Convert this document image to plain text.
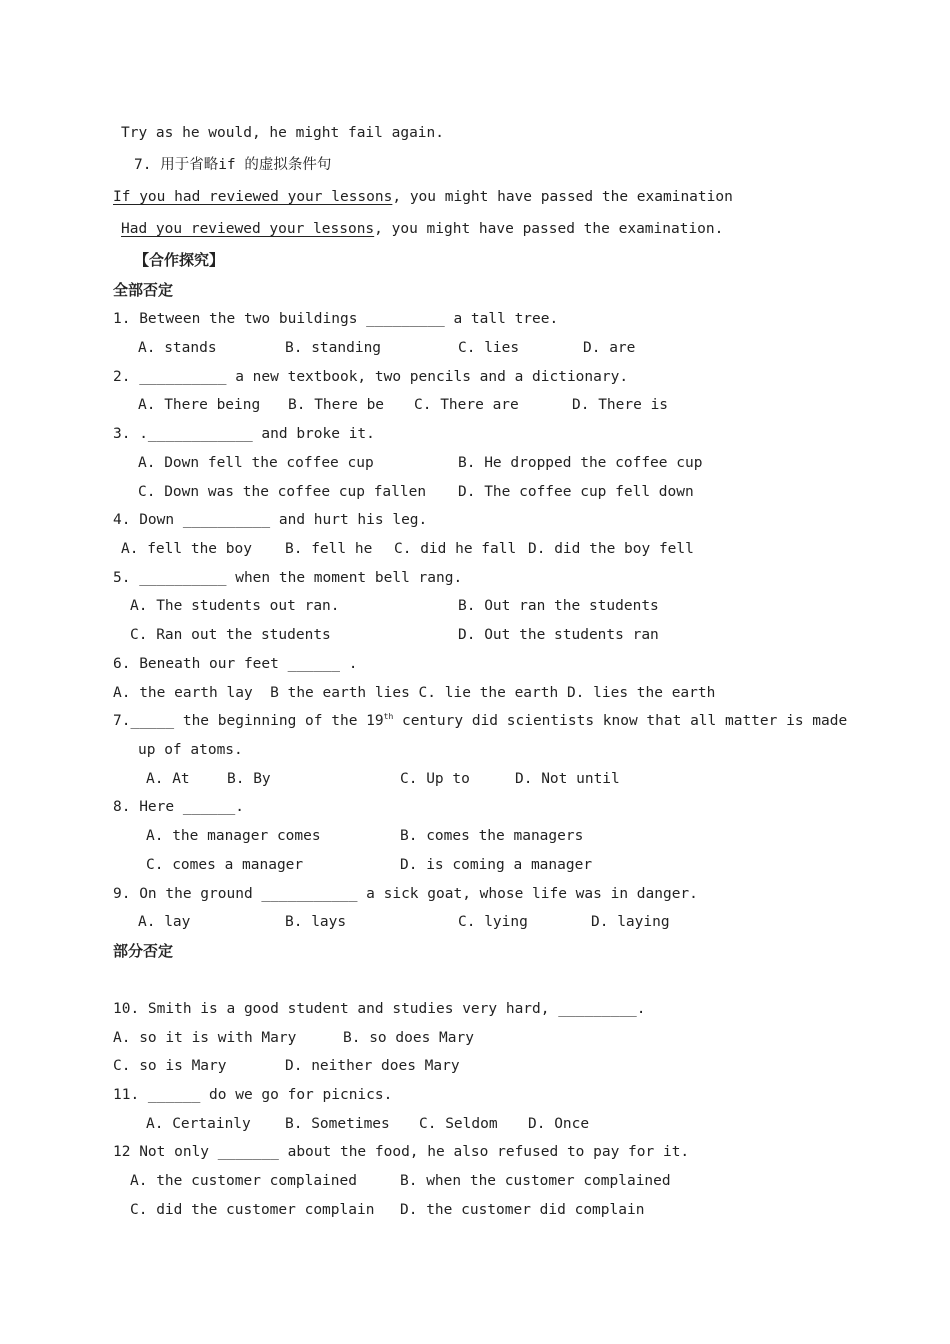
Try as he would, he might fail again.
7. 用于省略if 的虚拟条件句
If you had reviewed your lessons, you might have passed the examination
Had you reviewed your lessons, you might have passed the examination.
【合作探究】
全部否定
1. Between the two buildings _________ a tall tree.
A. stands	B. standing	C. lies	D. are
2. __________ a new textbook, two pencils and a dictionary.
A. There being B. There be C. There are	D. There is
3. .____________ and broke it.
A. Down fell the coffee cup	B. He dropped the coffee cup
C. Down was the coffee cup fallen D. The coffee cup fell down
4. Down __________ and hurt his leg.
A. fell the boy B. fell he C. did he fall D. did the boy fell
5. __________ when the moment bell rang.
A. The students out ran.	B. Out ran the students
C. Ran out the students	D. Out the students ran
6. Beneath our feet ______ .
A. the earth lay  B the earth lies C. lie the earth D. lies the earth
7._____ the beginning of the 19th century did scientists know that all matter is made
up of atoms.
A. At	B. By	C. Up to	D. Not until
8. Here ______.
A. the manager comes	B. comes the managers
C. comes a manager	D. is coming a manager
9. On the ground ___________ a sick goat, whose life was in danger.
A. lay	B. lays	C. lying	D. laying
部分否定
10. Smith is a good student and studies very hard, _________.
A. so it is with Mary	B. so does Mary
C. so is Mary	D. neither does Mary
11. ______ do we go for picnics.
A. Certainly B. Sometimes C. Seldom D. Once
12 Not only _______ about the food, he also refused to pay for it.
A. the customer complained	B. when the customer complained
C. did the customer complain D. the customer did complain
